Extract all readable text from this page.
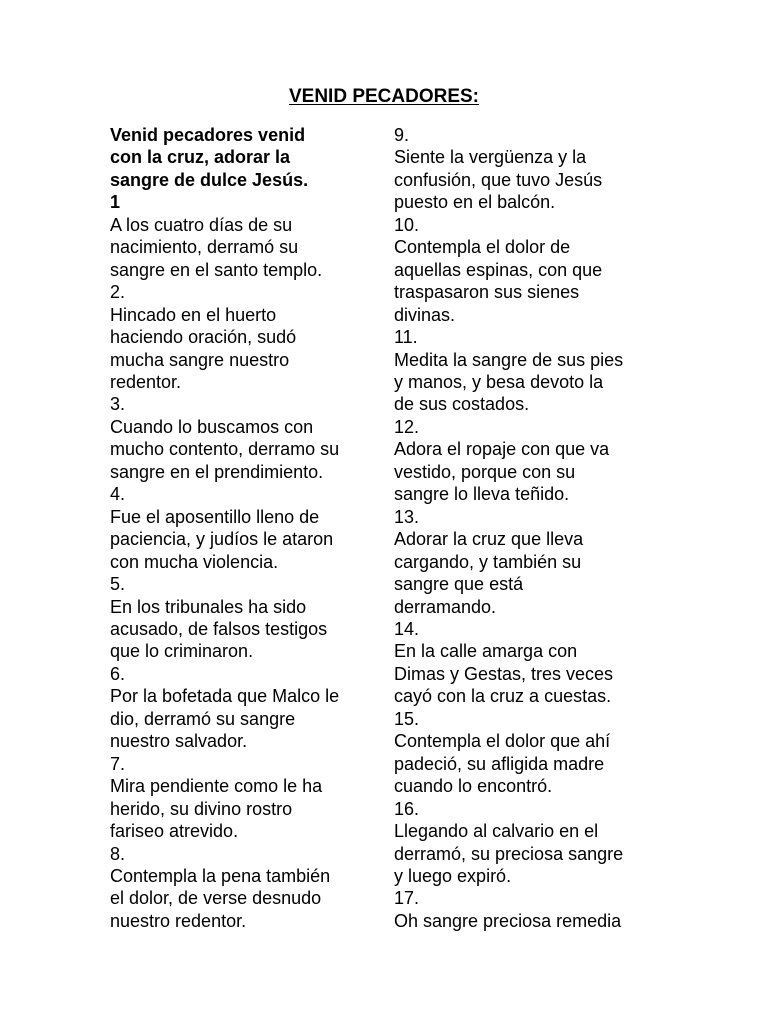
VENID PECADORES:
Venid pecadores venid
con la cruz, adorar la
sangre de dulce Jesús.
1
A los cuatro días de su
nacimiento, derramó su
sangre en el santo templo.
2.
Hincado en el huerto
haciendo oración, sudó
mucha sangre nuestro
redentor.
3.
Cuando lo buscamos con
mucho contento, derramo su
sangre en el prendimiento.
4.
Fue el aposentillo lleno de
paciencia, y judíos le ataron
con mucha violencia.
5.
En los tribunales ha sido
acusado, de falsos testigos
que lo criminaron.
6.
Por la bofetada que Malco le
dio, derramó su sangre
nuestro salvador.
7.
Mira pendiente como le ha
herido, su divino rostro
fariseo atrevido.
8.
Contempla la pena también
el dolor, de verse desnudo
nuestro redentor.
9.
Siente la vergüenza y la
confusión, que tuvo Jesús
puesto en el balcón.
10.
Contempla el dolor de
aquellas espinas, con que
traspasaron sus sienes
divinas.
11.
Medita la sangre de sus pies
y manos, y besa devoto la
de sus costados.
12.
Adora el ropaje con que va
vestido, porque con su
sangre lo lleva teñido.
13.
Adorar la cruz que lleva
cargando, y también su
sangre que está
derramando.
14.
En la calle amarga con
Dimas y Gestas, tres veces
cayó con la cruz a cuestas.
15.
Contempla el dolor que ahí
padeció, su afligida madre
cuando lo encontró.
16.
Llegando al calvario en el
derramó, su preciosa sangre
y luego expiró.
17.
Oh sangre preciosa remedia
